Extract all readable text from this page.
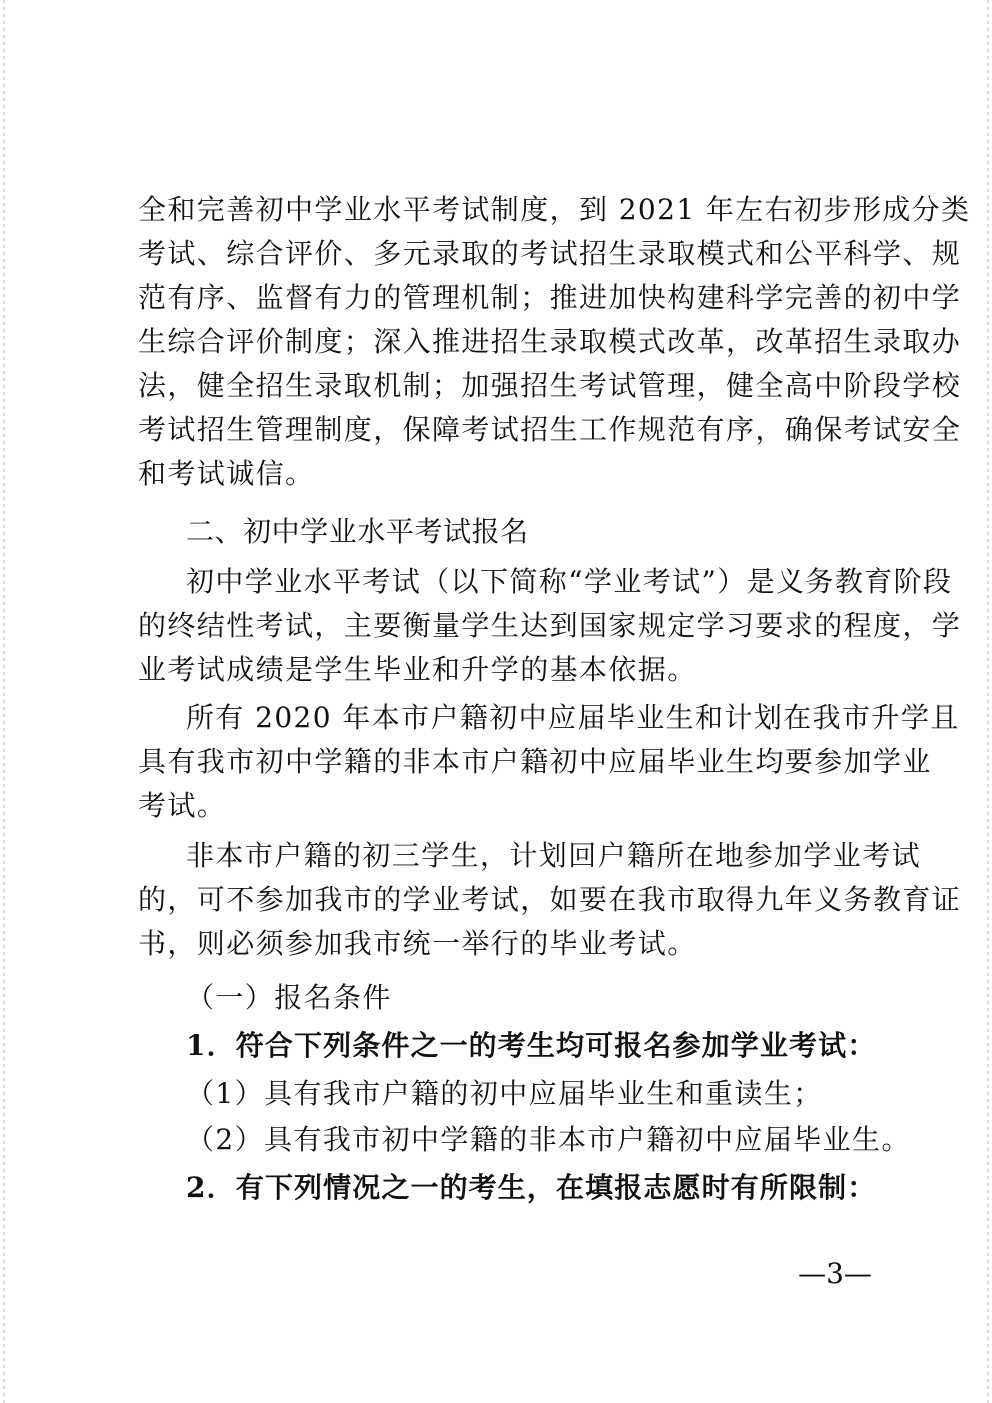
全和完善初中学业水平考试制度，到 2021 年左右初步形成分类
考试、综合评价、多元录取的考试招生录取模式和公平科学、规
范有序、监督有力的管理机制；推进加快构建科学完善的初中学
生综合评价制度；深入推进招生录取模式改革，改革招生录取办
法，健全招生录取机制；加强招生考试管理，健全高中阶段学校
考试招生管理制度，保障考试招生工作规范有序，确保考试安全
和考试诚信。
二、初中学业水平考试报名
初中学业水平考试（以下简称“学业考试”）是义务教育阶段
的终结性考试，主要衡量学生达到国家规定学习要求的程度，学
业考试成绩是学生毕业和升学的基本依据。
所有 2020 年本市户籍初中应届毕业生和计划在我市升学且
具有我市初中学籍的非本市户籍初中应届毕业生均要参加学业
考试。
非本市户籍的初三学生，计划回户籍所在地参加学业考试
的，可不参加我市的学业考试，如要在我市取得九年义务教育证
书，则必须参加我市统一举行的毕业考试。
（一）报名条件
1．符合下列条件之一的考生均可报名参加学业考试：
（1）具有我市户籍的初中应届毕业生和重读生；
（2）具有我市初中学籍的非本市户籍初中应届毕业生。
2．有下列情况之一的考生，在填报志愿时有所限制：
—3—
